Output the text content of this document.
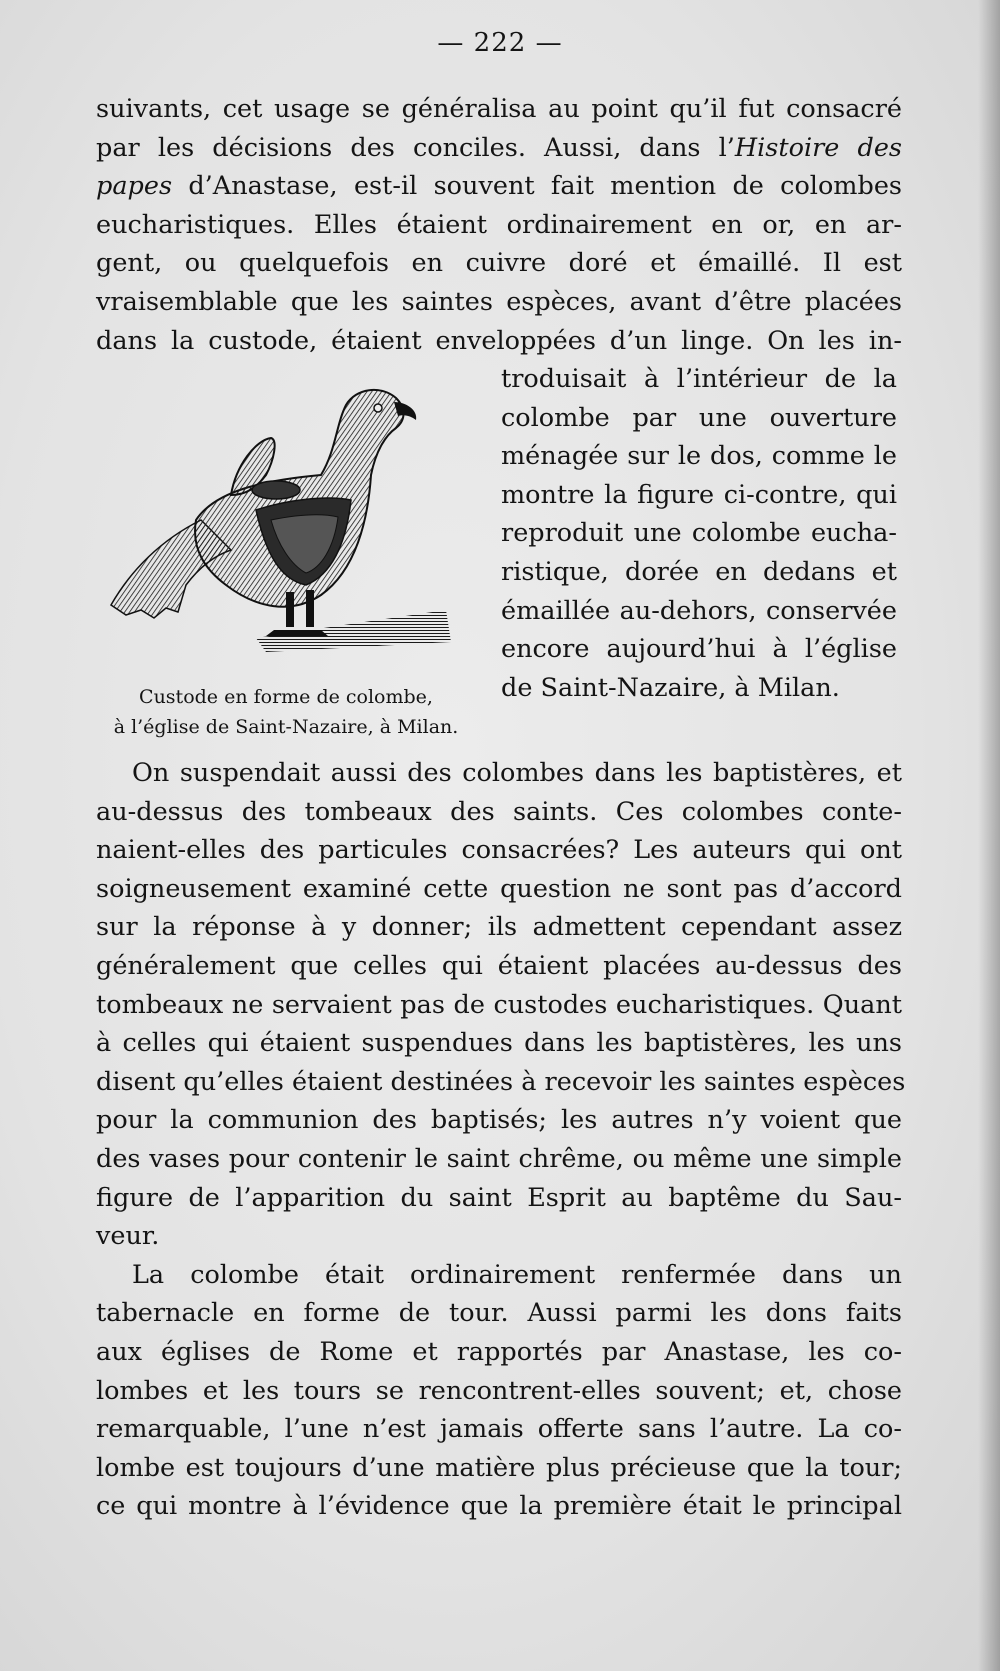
— 222 —
suivants, cet usage se généralisa au point qu’il fut consacré
par les décisions des conciles. Aussi, dans l’Histoire des
papes d’Anastase, est-il souvent fait mention de colombes
eucharistiques. Elles étaient ordinairement en or, en ar-
gent, ou quelquefois en cuivre doré et émaillé. Il est
vraisemblable que les saintes espèces, avant d’être placées
dans la custode, étaient enveloppées d’un linge. On les in-
Custode en forme de colombe,
à l’église de Saint-Nazaire, à Milan.
troduisait à l’intérieur de la
colombe par une ouverture
ménagée sur le dos, comme le
montre la figure ci-contre, qui
reproduit une colombe eucha-
ristique, dorée en dedans et
émaillée au-dehors, conservée
encore aujourd’hui à l’église
de Saint-Nazaire, à Milan.
On suspendait aussi des colombes dans les baptistères, et
au-dessus des tombeaux des saints. Ces colombes conte-
naient-elles des particules consacrées? Les auteurs qui ont
soigneusement examiné cette question ne sont pas d’accord
sur la réponse à y donner; ils admettent cependant assez
généralement que celles qui étaient placées au-dessus des
tombeaux ne servaient pas de custodes eucharistiques. Quant
à celles qui étaient suspendues dans les baptistères, les uns
disent qu’elles étaient destinées à recevoir les saintes espèces
pour la communion des baptisés; les autres n’y voient que
des vases pour contenir le saint chrême, ou même une simple
figure de l’apparition du saint Esprit au baptême du Sau-
veur.
La colombe était ordinairement renfermée dans un
tabernacle en forme de tour. Aussi parmi les dons faits
aux églises de Rome et rapportés par Anastase, les co-
lombes et les tours se rencontrent-elles souvent; et, chose
remarquable, l’une n’est jamais offerte sans l’autre. La co-
lombe est toujours d’une matière plus précieuse que la tour;
ce qui montre à l’évidence que la première était le principal
